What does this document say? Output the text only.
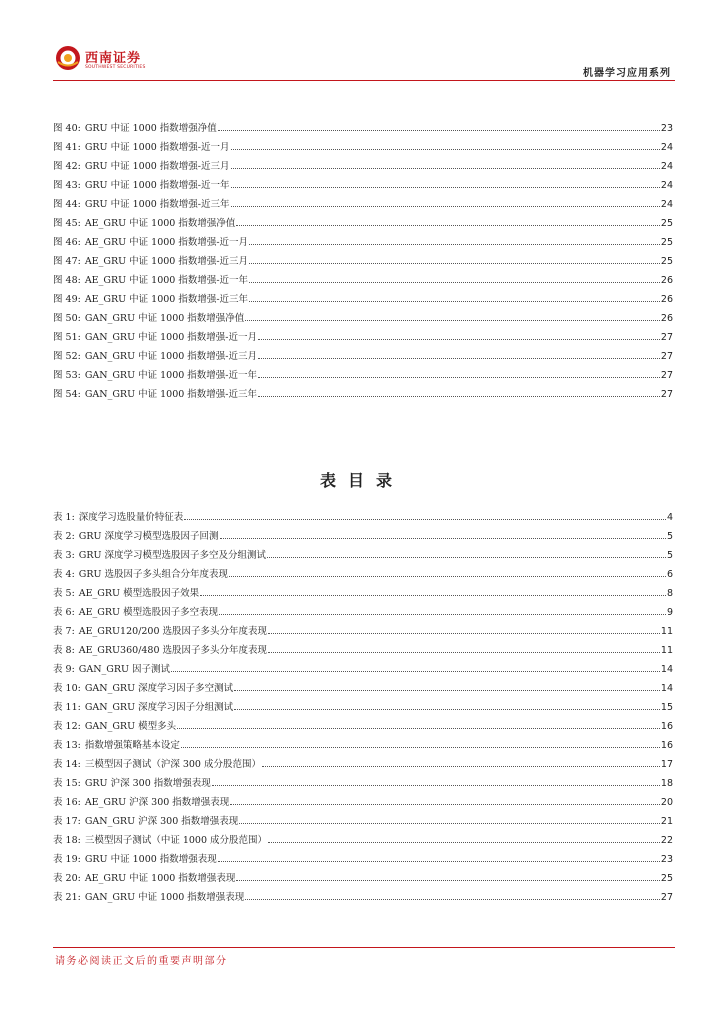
西南证券
SOUTHWEST SECURITIES
机器学习应用系列
图 40: GRU 中证 1000 指数增强净值	23
图 41: GRU 中证 1000 指数增强-近一月	24
图 42: GRU 中证 1000 指数增强-近三月	24
图 43: GRU 中证 1000 指数增强-近一年	24
图 44: GRU 中证 1000 指数增强-近三年	24
图 45: AE_GRU 中证 1000 指数增强净值	25
图 46: AE_GRU 中证 1000 指数增强-近一月	25
图 47: AE_GRU 中证 1000 指数增强-近三月	25
图 48: AE_GRU 中证 1000 指数增强-近一年	26
图 49: AE_GRU 中证 1000 指数增强-近三年	26
图 50: GAN_GRU 中证 1000 指数增强净值	26
图 51: GAN_GRU 中证 1000 指数增强-近一月	27
图 52: GAN_GRU 中证 1000 指数增强-近三月	27
图 53: GAN_GRU 中证 1000 指数增强-近一年	27
图 54: GAN_GRU 中证 1000 指数增强-近三年	27
表目录
表 1: 深度学习选股量价特征表	4
表 2: GRU 深度学习模型选股因子回测	5
表 3: GRU 深度学习模型选股因子多空及分组测试	5
表 4: GRU 选股因子多头组合分年度表现	6
表 5: AE_GRU 模型选股因子效果	8
表 6: AE_GRU 模型选股因子多空表现	9
表 7: AE_GRU120/200 选股因子多头分年度表现	11
表 8: AE_GRU360/480 选股因子多头分年度表现	11
表 9: GAN_GRU 因子测试	14
表 10: GAN_GRU 深度学习因子多空测试	14
表 11: GAN_GRU 深度学习因子分组测试	15
表 12: GAN_GRU 模型多头	16
表 13: 指数增强策略基本设定	16
表 14: 三模型因子测试（沪深 300 成分股范围）	17
表 15: GRU 沪深 300 指数增强表现	18
表 16: AE_GRU 沪深 300 指数增强表现	20
表 17: GAN_GRU 沪深 300 指数增强表现	21
表 18: 三模型因子测试（中证 1000 成分股范围）	22
表 19: GRU 中证 1000 指数增强表现	23
表 20: AE_GRU 中证 1000 指数增强表现	25
表 21: GAN_GRU 中证 1000 指数增强表现	27
请务必阅读正文后的重要声明部分
